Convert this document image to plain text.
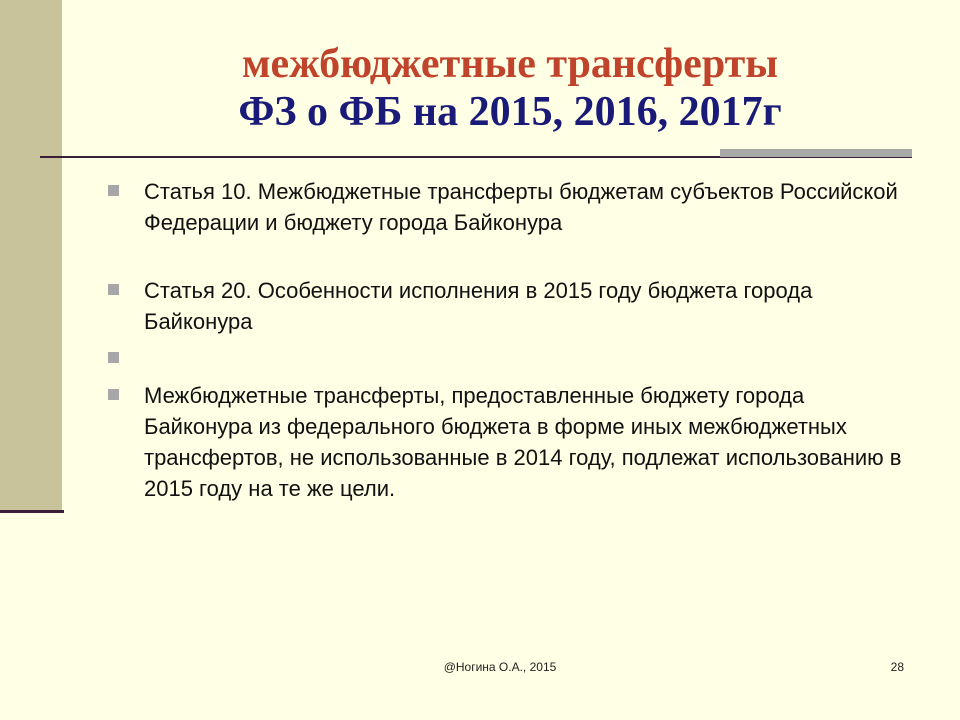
межбюджетные трансферты
ФЗ о ФБ на 2015, 2016, 2017г
Статья 10. Межбюджетные трансферты бюджетам субъектов Российской Федерации и бюджету города Байконура
Статья 20. Особенности исполнения в 2015 году бюджета города Байконура
Межбюджетные трансферты, предоставленные бюджету города Байконура из федерального бюджета в форме иных межбюджетных трансфертов, не использованные в 2014 году, подлежат использованию в 2015 году на те же цели.
@Ногина О.А., 2015	28
